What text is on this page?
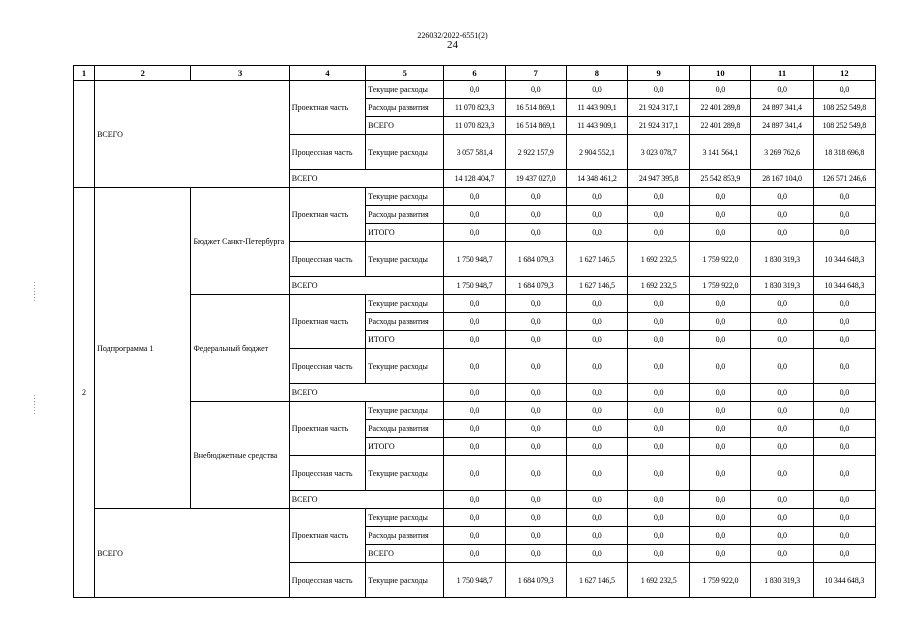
226032/2022-6551(2)
24
1	2	3	4	5	6	7	8	9	10	11	12
	ВСЕГО		Проектная часть	Текущие расходы	0,0	0,0	0,0	0,0	0,0	0,0	0,0
				Расходы развития	11 070 823,3	16 514 869,1	11 443 909,1	21 924 317,1	22 401 289,8	24 897 341,4	108 252 549,8
				ВСЕГО	11 070 823,3	16 514 869,1	11 443 909,1	21 924 317,1	22 401 289,8	24 897 341,4	108 252 549,8
			Процессная часть	Текущие расходы	3 057 581,4	2 922 157,9	2 904 552,1	3 023 078,7	3 141 564,1	3 269 762,6	18 318 696,8
			ВСЕГО		14 128 404,7	19 437 027,0	14 348 461,2	24 947 395,8	25 542 853,9	28 167 104,0	126 571 246,6
2	Подпрограмма 1	Бюджет Санкт-Петербурга	Проектная часть	Текущие расходы	0,0	0,0	0,0	0,0	0,0	0,0	0,0
				Расходы развития	0,0	0,0	0,0	0,0	0,0	0,0	0,0
				ИТОГО	0,0	0,0	0,0	0,0	0,0	0,0	0,0
			Процессная часть	Текущие расходы	1 750 948,7	1 684 079,3	1 627 146,5	1 692 232,5	1 759 922,0	1 830 319,3	10 344 648,3
			ВСЕГО		1 750 948,7	1 684 079,3	1 627 146,5	1 692 232,5	1 759 922,0	1 830 319,3	10 344 648,3
		Федеральный бюджет	Проектная часть	Текущие расходы	0,0	0,0	0,0	0,0	0,0	0,0	0,0
				Расходы развития	0,0	0,0	0,0	0,0	0,0	0,0	0,0
				ИТОГО	0,0	0,0	0,0	0,0	0,0	0,0	0,0
			Процессная часть	Текущие расходы	0,0	0,0	0,0	0,0	0,0	0,0	0,0
			ВСЕГО		0,0	0,0	0,0	0,0	0,0	0,0	0,0
		Внебюджетные средства	Проектная часть	Текущие расходы	0,0	0,0	0,0	0,0	0,0	0,0	0,0
				Расходы развития	0,0	0,0	0,0	0,0	0,0	0,0	0,0
				ИТОГО	0,0	0,0	0,0	0,0	0,0	0,0	0,0
			Процессная часть	Текущие расходы	0,0	0,0	0,0	0,0	0,0	0,0	0,0
			ВСЕГО		0,0	0,0	0,0	0,0	0,0	0,0	0,0
	ВСЕГО		Проектная часть	Текущие расходы	0,0	0,0	0,0	0,0	0,0	0,0	0,0
				Расходы развития	0,0	0,0	0,0	0,0	0,0	0,0	0,0
				ВСЕГО	0,0	0,0	0,0	0,0	0,0	0,0	0,0
			Процессная часть	Текущие расходы	1 750 948,7	1 684 079,3	1 627 146,5	1 692 232,5	1 759 922,0	1 830 319,3	10 344 648,3
